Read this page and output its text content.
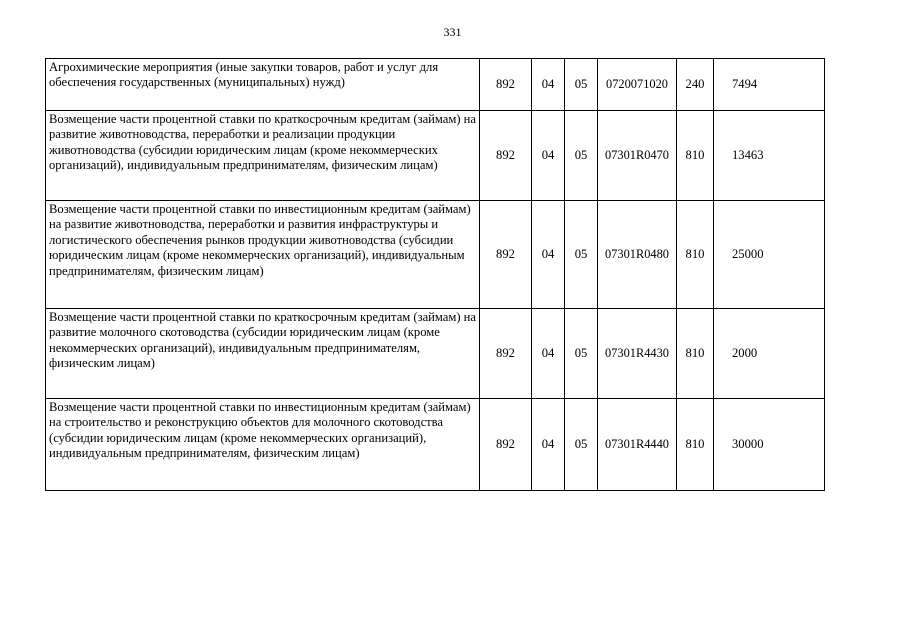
331
Агрохимические мероприятия (иные закупки товаров, работ и услуг для обеспечения государственных (муниципальных) нужд)	892	04	05	0720071020	240	7494
Возмещение части процентной ставки по краткосрочным кредитам (займам) на развитие животноводства, переработки и реализации продукции животноводства (субсидии юридическим лицам (кроме некоммерческих организаций), индивидуальным предпринимателям, физическим лицам)	892	04	05	07301R0470	810	13463
Возмещение части процентной ставки по инвестиционным кредитам (займам) на развитие животноводства, переработки и развития инфраструктуры и логистического обеспечения рынков продукции животноводства (субсидии юридическим лицам (кроме некоммерческих организаций), индивидуальным предпринимателям, физическим лицам)	892	04	05	07301R0480	810	25000
Возмещение части процентной ставки по краткосрочным кредитам (займам) на развитие молочного скотоводства (субсидии юридическим лицам (кроме некоммерческих организаций), индивидуальным предпринимателям, физическим лицам)	892	04	05	07301R4430	810	2000
Возмещение части процентной ставки по инвестиционным кредитам (займам) на строительство и реконструкцию объектов для молочного скотоводства (субсидии юридическим лицам (кроме некоммерческих организаций), индивидуальным предпринимателям, физическим лицам)	892	04	05	07301R4440	810	30000
